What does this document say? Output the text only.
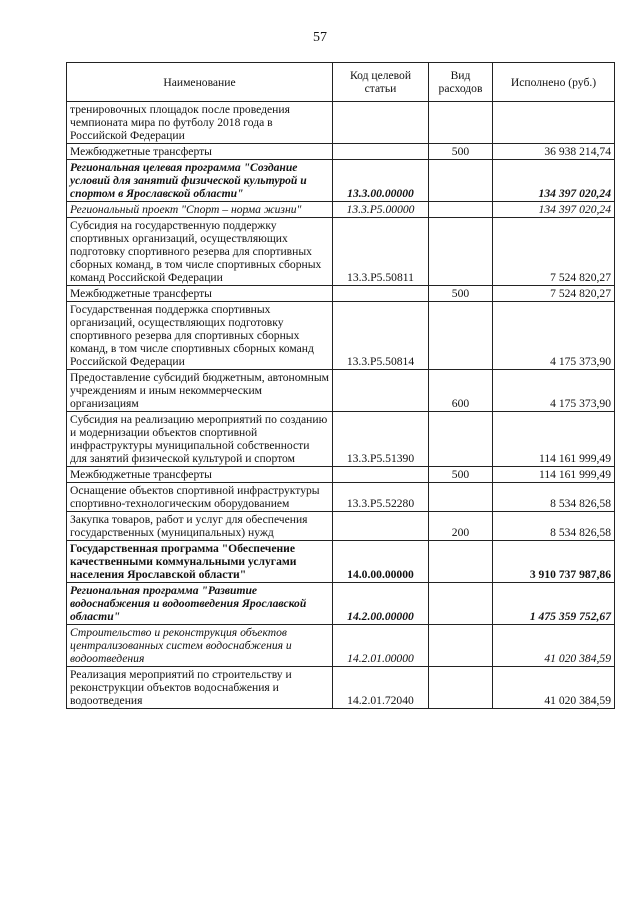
57
Наименование	Код целевой статьи	Вид расходов	Исполнено (руб.)
тренировочных площадок после проведения чемпионата мира по футболу 2018 года в Российской Федерации			
Межбюджетные трансферты		500	36 938 214,74
Региональная целевая программа "Создание условий для занятий физической культурой и спортом в Ярославской области"	13.3.00.00000		134 397 020,24
Региональный проект "Спорт – норма жизни"	13.3.P5.00000		134 397 020,24
Субсидия на государственную поддержку спортивных организаций, осуществляющих подготовку спортивного резерва для спортивных сборных команд, в том числе спортивных сборных команд Российской Федерации	13.3.P5.50811		7 524 820,27
Межбюджетные трансферты		500	7 524 820,27
Государственная поддержка спортивных организаций, осуществляющих подготовку спортивного резерва для спортивных сборных команд, в том числе спортивных сборных команд Российской Федерации	13.3.P5.50814		4 175 373,90
Предоставление субсидий бюджетным, автономным учреждениям и иным некоммерческим организациям		600	4 175 373,90
Субсидия на реализацию мероприятий по созданию и модернизации объектов спортивной инфраструктуры муниципальной собственности для занятий физической культурой и спортом	13.3.P5.51390		114 161 999,49
Межбюджетные трансферты		500	114 161 999,49
Оснащение объектов спортивной инфраструктуры спортивно-технологическим оборудованием	13.3.P5.52280		8 534 826,58
Закупка товаров, работ и услуг для обеспечения государственных (муниципальных) нужд		200	8 534 826,58
Государственная программа "Обеспечение качественными коммунальными услугами населения Ярославской области"	14.0.00.00000		3 910 737 987,86
Региональная программа "Развитие водоснабжения и водоотведения Ярославской области"	14.2.00.00000		1 475 359 752,67
Строительство и реконструкция объектов централизованных систем водоснабжения и водоотведения	14.2.01.00000		41 020 384,59
Реализация мероприятий по строительству и реконструкции объектов водоснабжения и водоотведения	14.2.01.72040		41 020 384,59
